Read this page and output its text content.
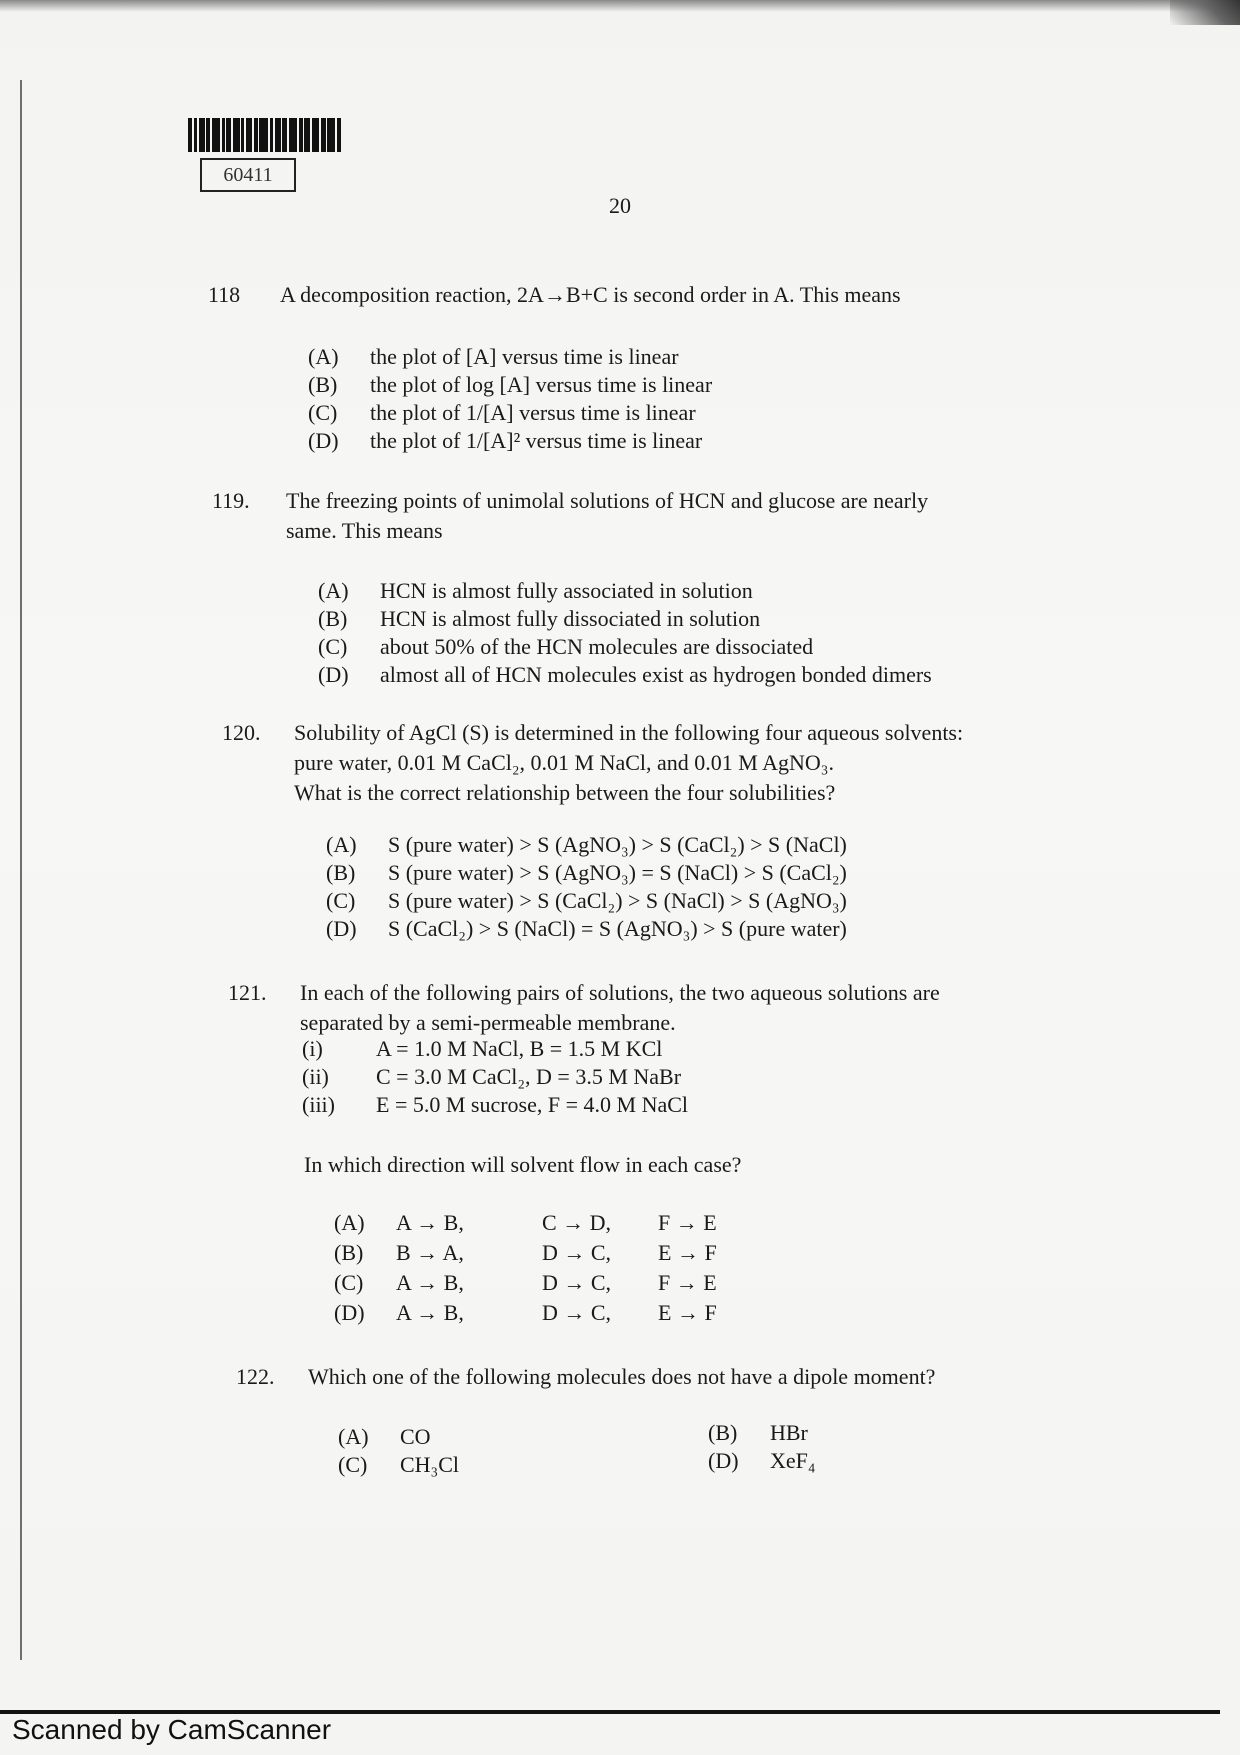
60411
20
118 A decomposition reaction, 2A→B+C is second order in A. This means
(A) the plot of [A] versus time is linear
(B) the plot of log [A] versus time is linear
(C) the plot of 1/[A] versus time is linear
(D) the plot of 1/[A]² versus time is linear
119. The freezing points of unimolal solutions of HCN and glucose are nearly
same. This means
(A) HCN is almost fully associated in solution
(B) HCN is almost fully dissociated in solution
(C) about 50% of the HCN molecules are dissociated
(D) almost all of HCN molecules exist as hydrogen bonded dimers
120. Solubility of AgCl (S) is determined in the following four aqueous solvents:
pure water, 0.01 M CaCl₂, 0.01 M NaCl, and 0.01 M AgNO₃.
What is the correct relationship between the four solubilities?
(A) S (pure water) > S (AgNO₃) > S (CaCl₂) > S (NaCl)
(B) S (pure water) > S (AgNO₃) = S (NaCl) > S (CaCl₂)
(C) S (pure water) > S (CaCl₂) > S (NaCl) > S (AgNO₃)
(D) S (CaCl₂) > S (NaCl) = S (AgNO₃) > S (pure water)
121. In each of the following pairs of solutions, the two aqueous solutions are
separated by a semi-permeable membrane.
(i) A = 1.0 M NaCl, B = 1.5 M KCl
(ii) C = 3.0 M CaCl₂, D = 3.5 M NaBr
(iii) E = 5.0 M sucrose, F = 4.0 M NaCl
In which direction will solvent flow in each case?
(A) A → B,	C → D, F → E
(B) B → A,	D → C, E → F
(C) A → B,	D → C, F → E
(D) A → B,	D → C, E → F
122. Which one of the following molecules does not have a dipole moment?
(A) CO	(B) HBr
(C) CH₃Cl	(D) XeF₄
Scanned by CamScanner
